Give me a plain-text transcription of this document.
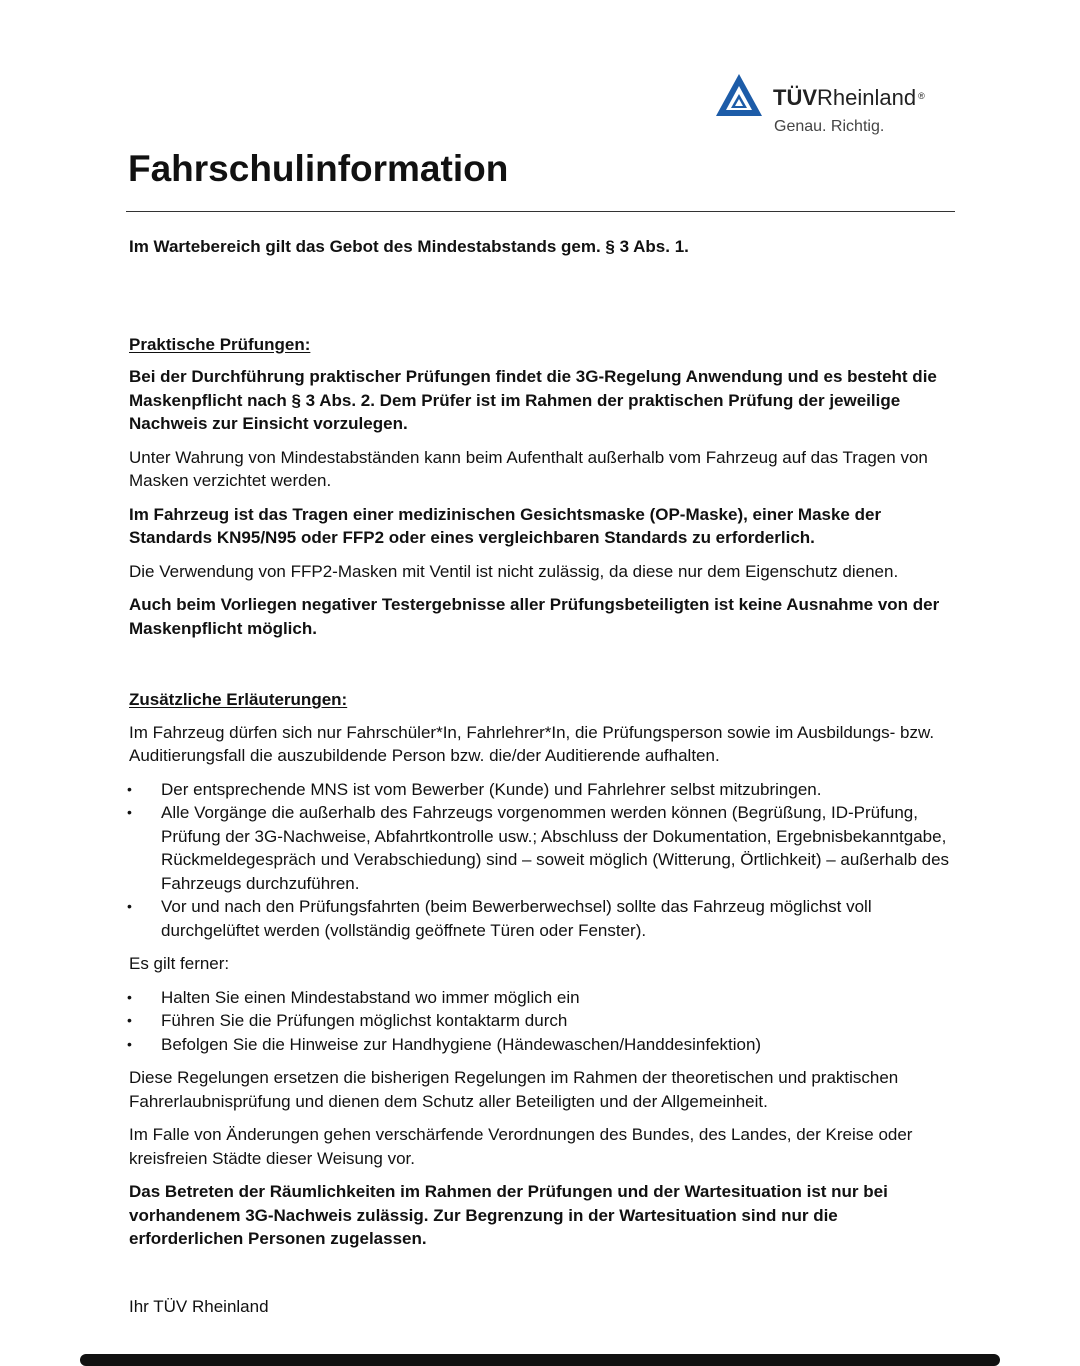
TÜVRheinland ®
Genau. Richtig.
Fahrschulinformation

Im Wartebereich gilt das Gebot des Mindestabstands gem. § 3 Abs. 1.

Praktische Prüfungen:

Bei der Durchführung praktischer Prüfungen findet die 3G-Regelung Anwendung und es besteht die Maskenpflicht nach § 3 Abs. 2. Dem Prüfer ist im Rahmen der praktischen Prüfung der jeweilige Nachweis zur Einsicht vorzulegen.

Unter Wahrung von Mindestabständen kann beim Aufenthalt außerhalb vom Fahrzeug auf das Tragen von Masken verzichtet werden.

Im Fahrzeug ist das Tragen einer medizinischen Gesichtsmaske (OP-Maske), einer Maske der Standards KN95/N95 oder FFP2 oder eines vergleichbaren Standards zu erforderlich.

Die Verwendung von FFP2-Masken mit Ventil ist nicht zulässig, da diese nur dem Eigenschutz dienen.

Auch beim Vorliegen negativer Testergebnisse aller Prüfungsbeteiligten ist keine Ausnahme von der Maskenpflicht möglich.

Zusätzliche Erläuterungen:

Im Fahrzeug dürfen sich nur Fahrschüler*In, Fahrlehrer*In, die Prüfungsperson sowie im Ausbildungs- bzw. Auditierungsfall die auszubildende Person bzw. die/der Auditierende aufhalten.

• Der entsprechende MNS ist vom Bewerber (Kunde) und Fahrlehrer selbst mitzubringen.
• Alle Vorgänge die außerhalb des Fahrzeugs vorgenommen werden können (Begrüßung, ID-Prüfung, Prüfung der 3G-Nachweise, Abfahrtkontrolle usw.; Abschluss der Dokumentation, Ergebnisbekanntgabe, Rückmeldegespräch und Verabschiedung) sind – soweit möglich (Witterung, Örtlichkeit) – außerhalb des Fahrzeugs durchzuführen.
• Vor und nach den Prüfungsfahrten (beim Bewerberwechsel) sollte das Fahrzeug möglichst voll durchgelüftet werden (vollständig geöffnete Türen oder Fenster).

Es gilt ferner:

• Halten Sie einen Mindestabstand wo immer möglich ein
• Führen Sie die Prüfungen möglichst kontaktarm durch
• Befolgen Sie die Hinweise zur Handhygiene (Händewaschen/Handdesinfektion)

Diese Regelungen ersetzen die bisherigen Regelungen im Rahmen der theoretischen und praktischen Fahrerlaubnisprüfung und dienen dem Schutz aller Beteiligten und der Allgemeinheit.

Im Falle von Änderungen gehen verschärfende Verordnungen des Bundes, des Landes, der Kreise oder kreisfreien Städte dieser Weisung vor.

Das Betreten der Räumlichkeiten im Rahmen der Prüfungen und der Wartesituation ist nur bei vorhandenem 3G-Nachweis zulässig. Zur Begrenzung in der Wartesituation sind nur die erforderlichen Personen zugelassen.

Ihr TÜV Rheinland
